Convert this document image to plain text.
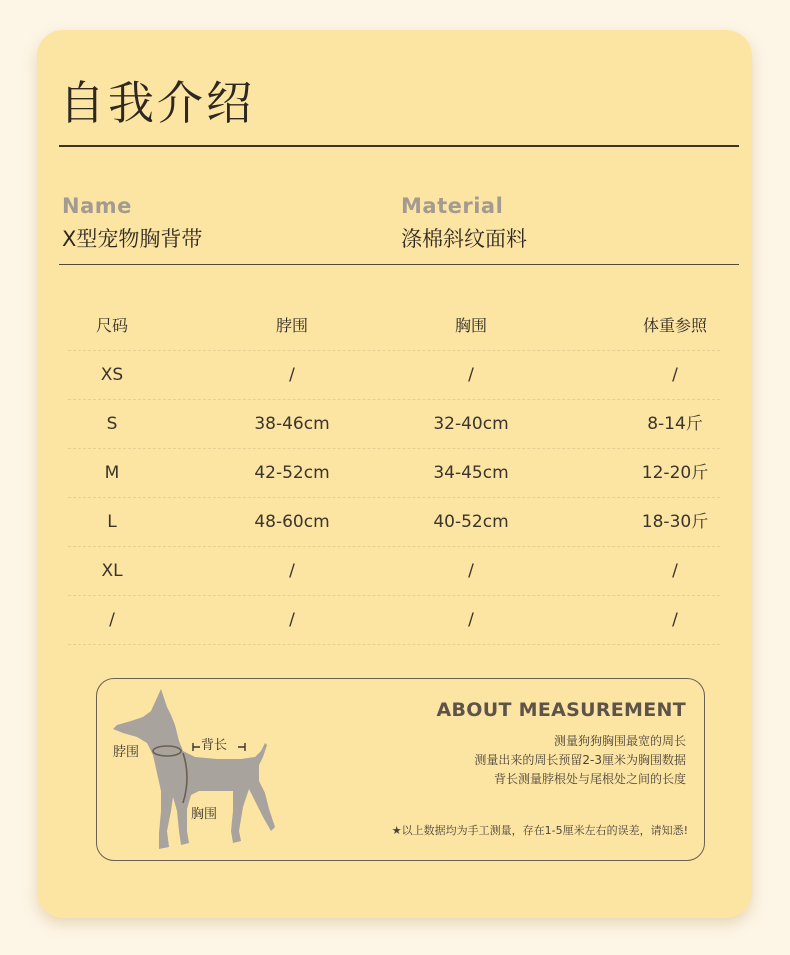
自我介绍
Name
X型宠物胸背带
Material
涤棉斜纹面料
尺码	脖围	胸围	体重参照
XS	/	/	/
S	38-46cm	32-40cm	8-14斤
M	42-52cm	34-45cm	12-20斤
L	48-60cm	40-52cm	18-30斤
XL	/	/	/
/	/	/	/
脖围	背长
胸围
ABOUT MEASUREMENT
测量狗狗胸围最宽的周长
测量出来的周长预留2-3厘米为胸围数据
背长测量脖根处与尾根处之间的长度
★以上数据均为手工测量，存在1-5厘米左右的误差，请知悉!
